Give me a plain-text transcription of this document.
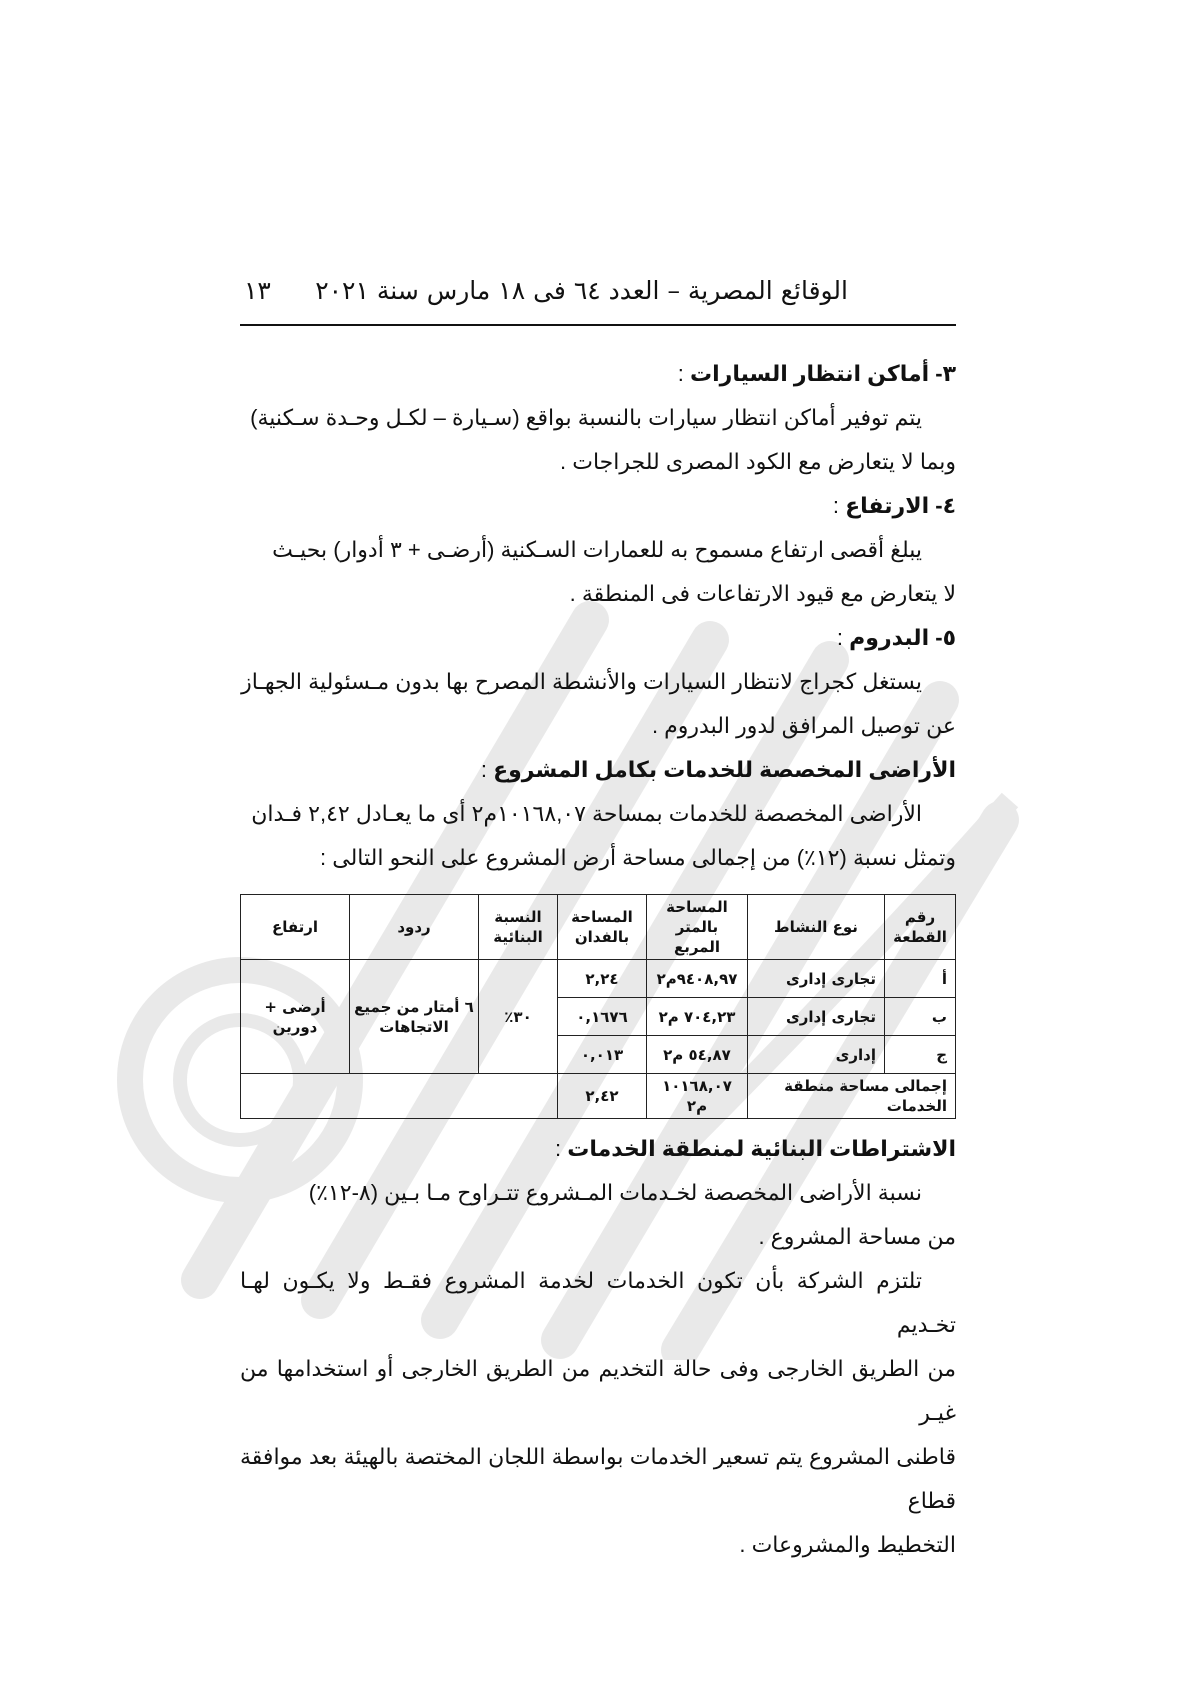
الوقائع المصرية – العدد ٦٤ فى ١٨ مارس سنة ٢٠٢١
١٣

٣- أماكن انتظار السيارات :

يتم توفير أماكن انتظار سيارات بالنسبة بواقع (سـيارة – لكـل وحـدة سـكنية)

وبما لا يتعارض مع الكود المصرى للجراجات .

٤- الارتفاع :

يبلغ أقصى ارتفاع مسموح به للعمارات السـكنية (أرضـى + ٣ أدوار) بحيـث

لا يتعارض مع قيود الارتفاعات فى المنطقة .

٥- البدروم :

يستغل كجراج لانتظار السيارات والأنشطة المصرح بها بدون مـسئولية الجهـاز

عن توصيل المرافق لدور البدروم .

الأراضى المخصصة للخدمات بكامل المشروع :

الأراضى المخصصة للخدمات بمساحة ١٠١٦٨,٠٧م٢ أى ما يعـادل ٢,٤٢ فـدان

وتمثل نسبة (١٢٪) من إجمالى مساحة أرض المشروع على النحو التالى :

رقم القطعة	نوع النشاط	المساحة بالمتر المربع	المساحة بالفدان	النسبة البنائية	ردود	ارتفاع
أ	تجارى إدارى	٩٤٠٨,٩٧م٢	٢,٢٤	٣٠٪	٦ أمتار من جميع الاتجاهات	أرضى + دورين
ب	تجارى إدارى	٧٠٤,٢٣ م٢	٠,١٦٧٦			
ج	إدارى	٥٤,٨٧ م٢	٠,٠١٣			
إجمالى مساحة منطقة الخدمات		١٠١٦٨,٠٧ م٢	٢,٤٢			

الاشتراطات البنائية لمنطقة الخدمات :

نسبة الأراضى المخصصة لخـدمات المـشروع تتـراوح مـا بـين (٨-١٢٪)

من مساحة المشروع .

تلتزم الشركة بأن تكون الخدمات لخدمة المشروع فقـط ولا يكـون لهـا تخـديم

من الطريق الخارجى وفى حالة التخديم من الطريق الخارجى أو استخدامها من غيـر

قاطنى المشروع يتم تسعير الخدمات بواسطة اللجان المختصة بالهيئة بعد موافقة قطاع

التخطيط والمشروعات .
